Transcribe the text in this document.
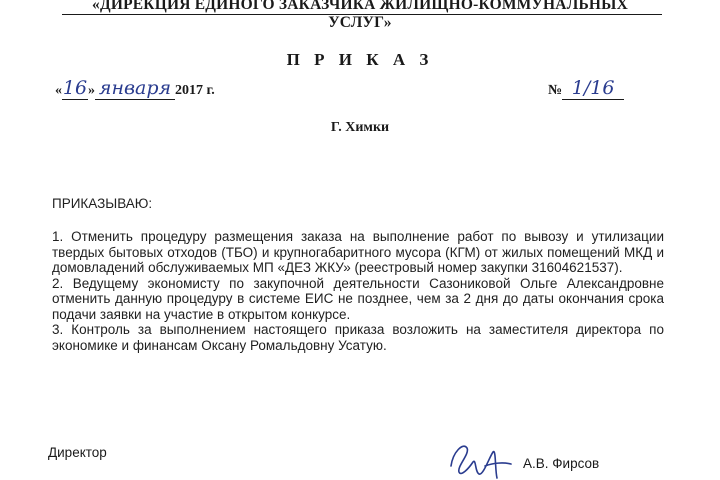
«ДИРЕКЦИЯ ЕДИНОГО ЗАКАЗЧИКА ЖИЛИЩНО-КОММУНАЛЬНЫХ УСЛУГ»
П Р И К А З
«16» января 2017 г.	№ 1/16
Г. Химки
ПРИКАЗЫВАЮ:

1. Отменить процедуру размещения заказа на выполнение работ по вывозу и утилизации твердых бытовых отходов (ТБО) и крупногабаритного мусора (КГМ) от жилых помещений МКД и домовладений обслуживаемых МП «ДЕЗ ЖКУ» (реестровый номер закупки 31604621537).

2. Ведущему экономисту по закупочной деятельности Сазониковой Ольге Александровне отменить данную процедуру в системе ЕИС не позднее, чем за 2 дня до даты окончания срока подачи заявки на участие в открытом конкурсе.

3. Контроль за выполнением настоящего приказа возложить на заместителя директора по экономике и финансам Оксану Ромальдовну Усатую.

Директор
А.В. Фирсов
